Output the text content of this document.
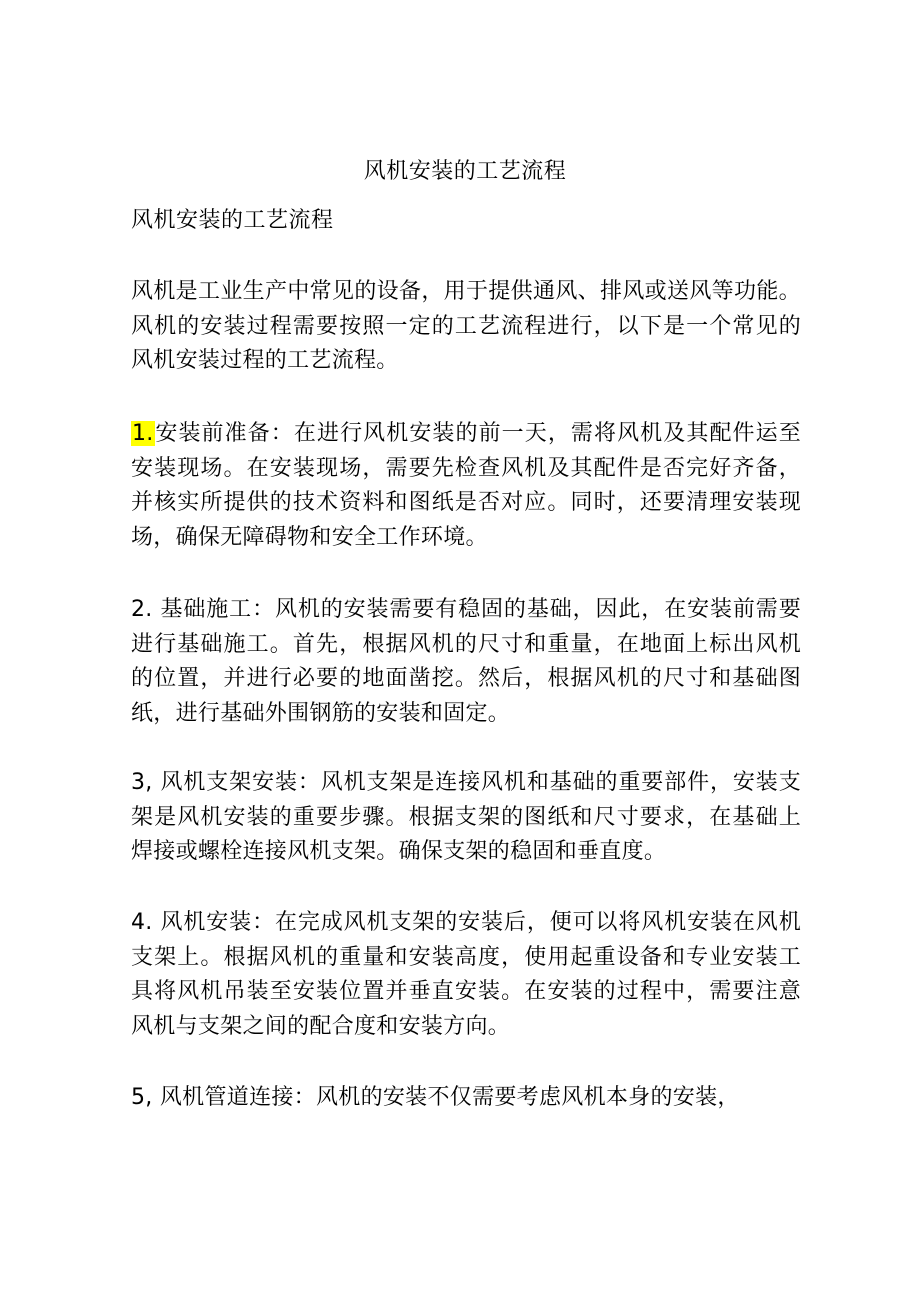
风机安装的工艺流程
风机安装的工艺流程
风机是工业生产中常见的设备，用于提供通风、排风或送风等功能。
风机的安装过程需要按照一定的工艺流程进行，以下是一个常见的
风机安装过程的工艺流程。
1.安装前准备：在进行风机安装的前一天，需将风机及其配件运至
安装现场。在安装现场，需要先检查风机及其配件是否完好齐备，
并核实所提供的技术资料和图纸是否对应。同时，还要清理安装现
场，确保无障碍物和安全工作环境。
2. 基础施工：风机的安装需要有稳固的基础，因此，在安装前需要
进行基础施工。首先，根据风机的尺寸和重量，在地面上标出风机
的位置，并进行必要的地面凿挖。然后，根据风机的尺寸和基础图
纸，进行基础外围钢筋的安装和固定。
3, 风机支架安装：风机支架是连接风机和基础的重要部件，安装支
架是风机安装的重要步骤。根据支架的图纸和尺寸要求，在基础上
焊接或螺栓连接风机支架。确保支架的稳固和垂直度。
4. 风机安装：在完成风机支架的安装后，便可以将风机安装在风机
支架上。根据风机的重量和安装高度，使用起重设备和专业安装工
具将风机吊装至安装位置并垂直安装。在安装的过程中，需要注意
风机与支架之间的配合度和安装方向。
5, 风机管道连接：风机的安装不仅需要考虑风机本身的安装，
